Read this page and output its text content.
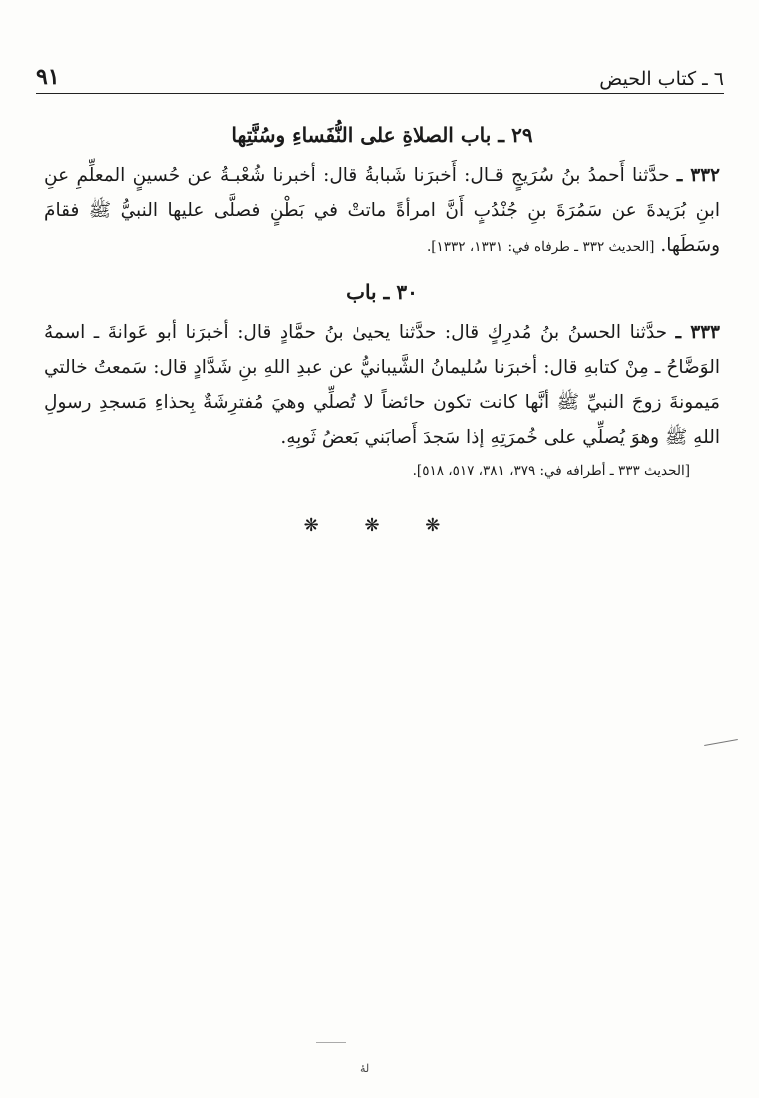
٩١	٦ ـ كتاب الحيض
٢٩ ـ باب الصلاةِ على النُّفَساءِ وسُنَّتِها

٣٣٢ ـ حدَّثنا أَحمدُ بنُ سُرَيجٍ قـال: أَخبرَنا شَبابةُ قال: أخبرنا شُعْبـةُ عن حُسينٍ المعلِّمِ عنِ ابنِ بُرَيدةَ عن سَمُرَةَ بنِ جُنْدُبٍ أَنَّ امرأةً ماتتْ في بَطْنٍ فصلَّى عليها النبيُّ ﷺ فقامَ وسَطَها. [الحديث ٣٣٢ ـ طرفاه في: ١٣٣١، ١٣٣٢].

٣٠ ـ باب

٣٣٣ ـ حدَّثنا الحسنُ بنُ مُدرِكٍ قال: حدَّثنا يحيىٰ بنُ حمَّادٍ قال: أخبرَنا أبو عَوانةَ ـ اسمهُ الوَضَّاحُ ـ مِنْ كتابهِ قال: أخبرَنا سُليمانُ الشَّيبانيُّ عن عبدِ اللهِ بنِ شَدَّادٍ قال: سَمعتُ خالتي مَيمونةَ زوجَ النبيِّ ﷺ أنَّها كانت تكون حائضاً لا تُصلِّي وهيَ مُفترِشَةٌ بِحذاءِ مَسجدِ رسولِ اللهِ ﷺ وهوَ يُصلِّي على خُمرَتِهِ إذا سَجدَ أَصابَني بَعضُ ثَوبِهِ.

[الحديث ٣٣٣ ـ أطرافه في: ٣٧٩، ٣٨١، ٥١٧، ٥١٨].

❋ ❋ ❋
لهٔ
